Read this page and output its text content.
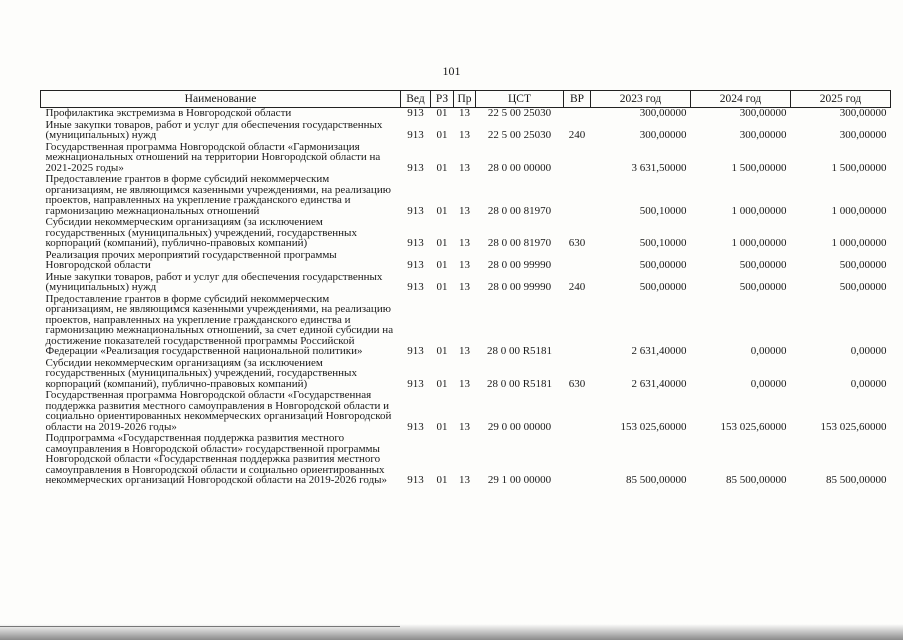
101
Наименование	Вед	РЗ	Пр	ЦСТ	ВР	2023 год	2024 год	2025 год
Профилактика экстремизма в Новгородской области	913	01	13	22 5 00 25030		300,00000	300,00000	300,00000
Иные закупки товаров, работ и услуг для обеспечения государственных (муниципальных) нужд	913	01	13	22 5 00 25030	240	300,00000	300,00000	300,00000
Государственная программа Новгородской области «Гармонизация межнациональных отношений на территории Новгородской области на 2021-2025 годы»	913	01	13	28 0 00 00000		3 631,50000	1 500,00000	1 500,00000
Предоставление грантов в форме субсидий некоммерческим организациям, не являющимся казенными учреждениями, на реализацию проектов, направленных на укрепление гражданского единства и гармонизацию межнациональных отношений	913	01	13	28 0 00 81970		500,10000	1 000,00000	1 000,00000
Субсидии некоммерческим организациям (за исключением государственных (муниципальных) учреждений, государственных корпораций (компаний), публично-правовых компаний)	913	01	13	28 0 00 81970	630	500,10000	1 000,00000	1 000,00000
Реализация прочих мероприятий государственной программы Новгородской области	913	01	13	28 0 00 99990		500,00000	500,00000	500,00000
Иные закупки товаров, работ и услуг для обеспечения государственных (муниципальных) нужд	913	01	13	28 0 00 99990	240	500,00000	500,00000	500,00000
Предоставление грантов в форме субсидий некоммерческим организациям, не являющимся казенными учреждениями, на реализацию проектов, направленных на укрепление гражданского единства и гармонизацию межнациональных отношений, за счет единой субсидии на достижение показателей государственной программы Российской Федерации «Реализация государственной национальной политики»	913	01	13	28 0 00 R5181		2 631,40000	0,00000	0,00000
Субсидии некоммерческим организациям (за исключением государственных (муниципальных) учреждений, государственных корпораций (компаний), публично-правовых компаний)	913	01	13	28 0 00 R5181	630	2 631,40000	0,00000	0,00000
Государственная программа Новгородской области «Государственная поддержка развития местного самоуправления в Новгородской области и социально ориентированных некоммерческих организаций Новгородской области на 2019-2026 годы»	913	01	13	29 0 00 00000		153 025,60000	153 025,60000	153 025,60000
Подпрограмма «Государственная поддержка развития местного самоуправления в Новгородской области» государственной программы Новгородской области «Государственная поддержка развития местного самоуправления в Новгородской области и социально ориентированных некоммерческих организаций Новгородской области на 2019-2026 годы»	913	01	13	29 1 00 00000		85 500,00000	85 500,00000	85 500,00000
